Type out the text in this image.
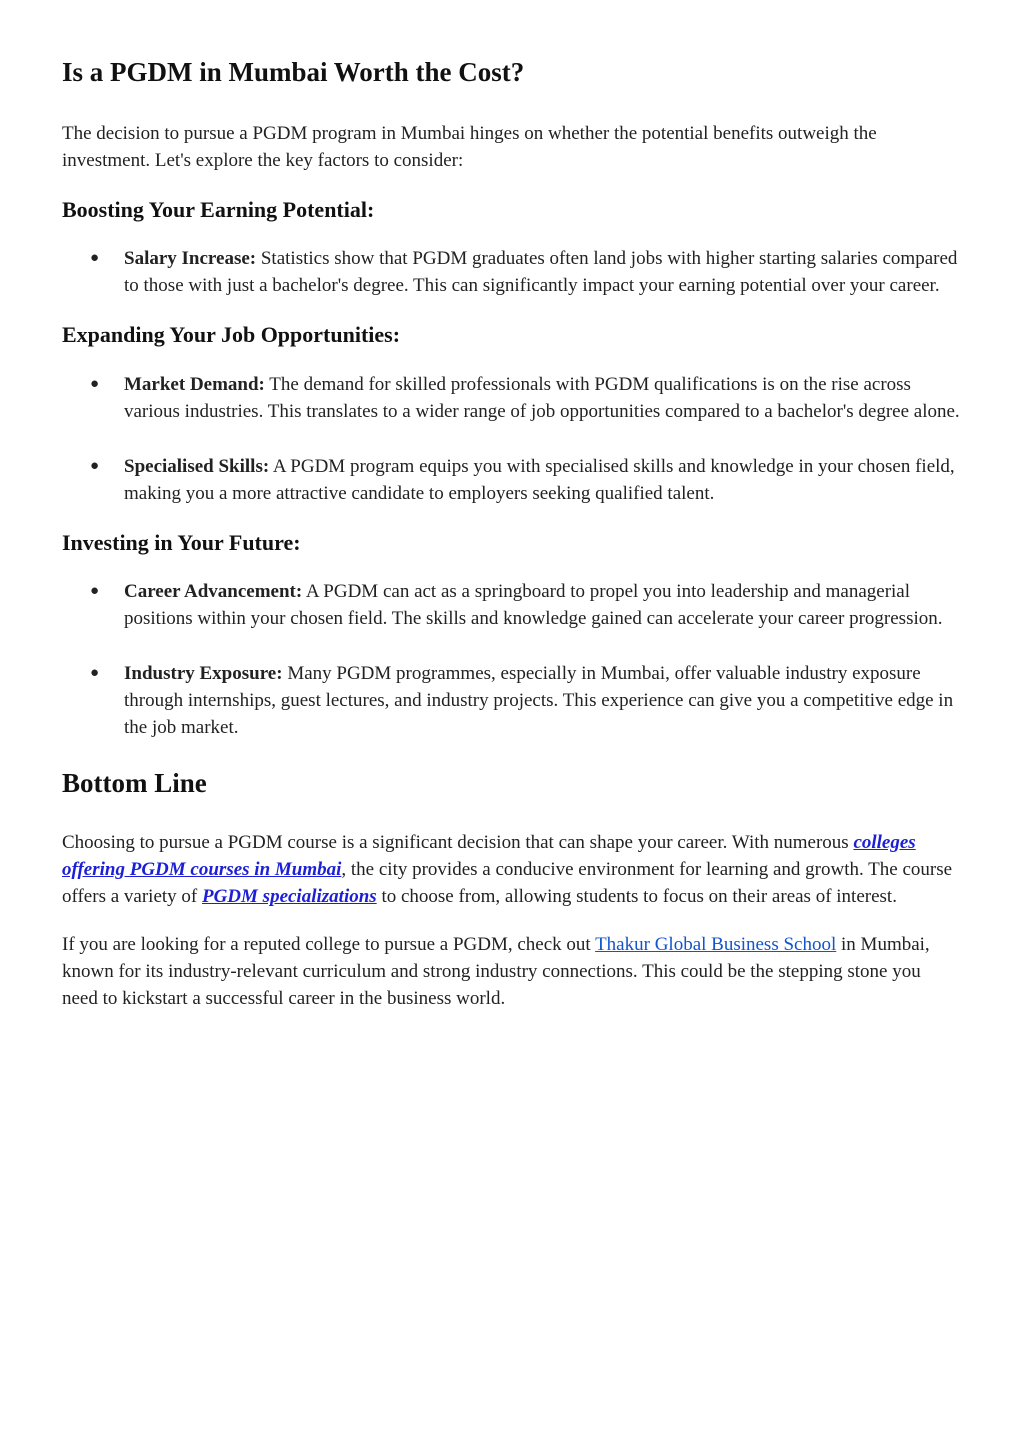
Is a PGDM in Mumbai Worth the Cost?

The decision to pursue a PGDM program in Mumbai hinges on whether the potential benefits outweigh the investment. Let's explore the key factors to consider:

Boosting Your Earning Potential:
● Salary Increase: Statistics show that PGDM graduates often land jobs with higher starting salaries compared to those with just a bachelor's degree. This can significantly impact your earning potential over your career.
Expanding Your Job Opportunities:
● Market Demand: The demand for skilled professionals with PGDM qualifications is on the rise across various industries. This translates to a wider range of job opportunities compared to a bachelor's degree alone.
● Specialised Skills: A PGDM program equips you with specialised skills and knowledge in your chosen field, making you a more attractive candidate to employers seeking qualified talent.
Investing in Your Future:
● Career Advancement: A PGDM can act as a springboard to propel you into leadership and managerial positions within your chosen field. The skills and knowledge gained can accelerate your career progression.
● Industry Exposure: Many PGDM programmes, especially in Mumbai, offer valuable industry exposure through internships, guest lectures, and industry projects. This experience can give you a competitive edge in the job market.
Bottom Line

Choosing to pursue a PGDM course is a significant decision that can shape your career. With numerous colleges offering PGDM courses in Mumbai, the city provides a conducive environment for learning and growth. The course offers a variety of PGDM specializations to choose from, allowing students to focus on their areas of interest.

If you are looking for a reputed college to pursue a PGDM, check out Thakur Global Business School in Mumbai, known for its industry-relevant curriculum and strong industry connections. This could be the stepping stone you need to kickstart a successful career in the business world.
